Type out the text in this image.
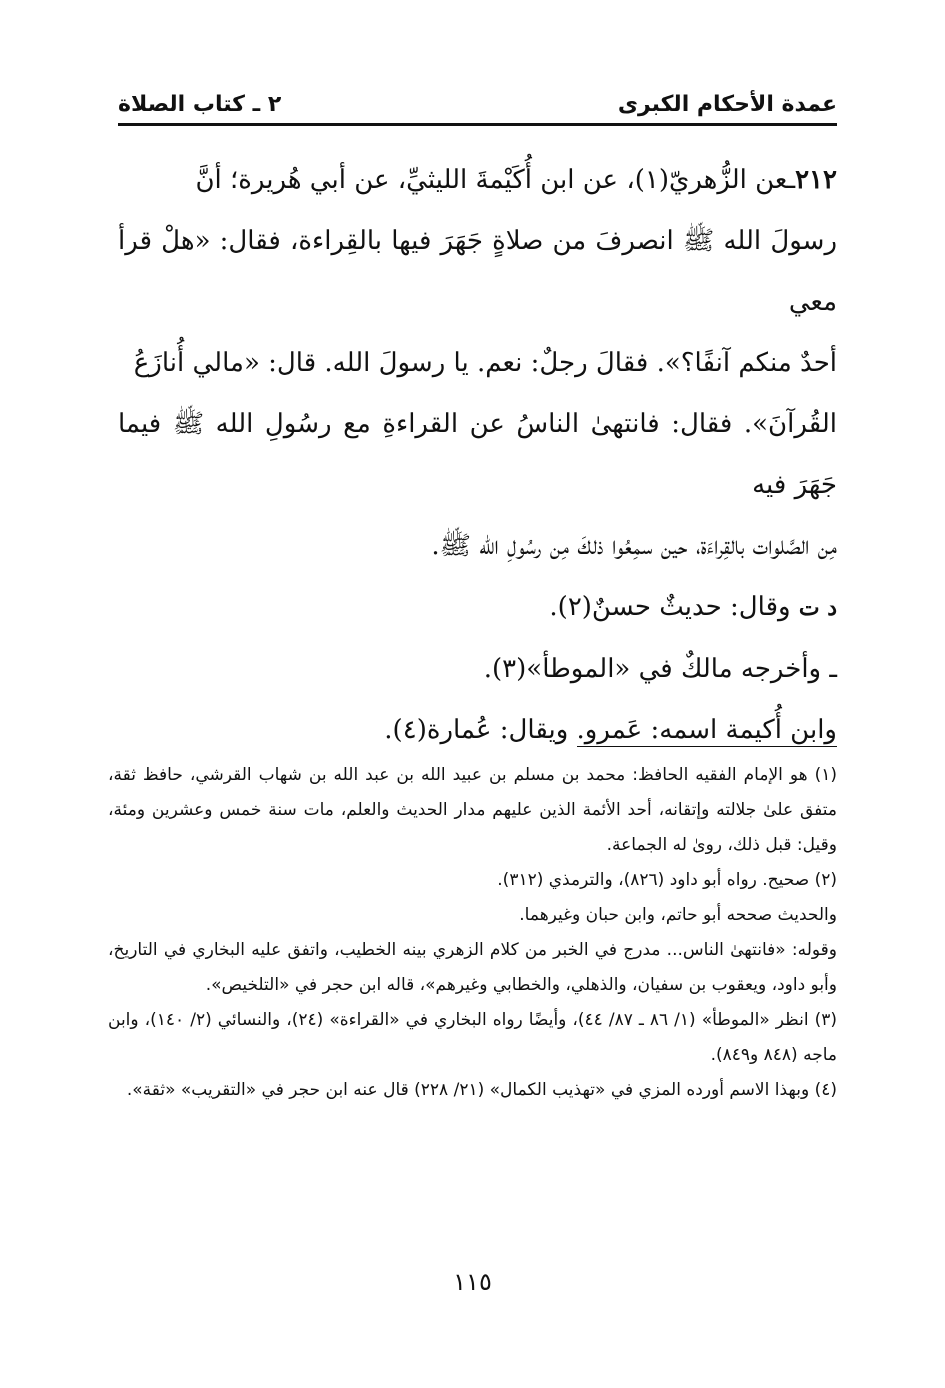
عمدة الأحكام الكبرى
٢ ـ كتاب الصلاة

٢١٢ـعن الزُّهريّ(١)، عن ابن أُكَيْمةَ الليثيِّ، عن أبي هُريرة؛ أنَّ

رسولَ الله ﷺ انصرفَ من صلاةٍ جَهَرَ فيها بالقِراءة، فقال: «هلْ قرأ معي

أحدٌ منكم آنفًا؟». فقالَ رجلٌ: نعم. يا رسولَ الله. قال: «مالي أُنازَعُ

القُرآنَ». فقال: فانتهىٰ الناسُ عن القراءةِ مع رسُولِ الله ﷺ فيما جَهَرَ فيه

مِن الصَّلوات بالقِراءَة، حين سمِعُوا ذلكَ مِن رسُولِ الله ﷺ.

د ت وقال: حديثٌ حسنٌ(٢).

ـ وأخرجه مالكٌ في «الموطأ»(٣).

وابن أُكيمة اسمه: عَمرو. ويقال: عُمارة(٤).

(١) هو الإمام الفقيه الحافظ: محمد بن مسلم بن عبيد الله بن عبد الله بن شهاب القرشي، حافظ ثقة، متفق علىٰ جلالته وإتقانه، أحد الأئمة الذين عليهم مدار الحديث والعلم، مات سنة خمس وعشرين ومئة، وقيل: قبل ذلك، روىٰ له الجماعة.

(٢) صحيح. رواه أبو داود (٨٢٦)، والترمذي (٣١٢).

والحديث صححه أبو حاتم، وابن حبان وغيرهما.

وقوله: «فانتهىٰ الناس... مدرج في الخبر من كلام الزهري بينه الخطيب، واتفق عليه البخاري في التاريخ، وأبو داود، ويعقوب بن سفيان، والذهلي، والخطابي وغيرهم»، قاله ابن حجر في «التلخيص».

(٣) انظر «الموطأ» (١/ ٨٦ ـ ٨٧/ ٤٤)، وأيضًا رواه البخاري في «القراءة» (٢٤)، والنسائي (٢/ ١٤٠)، وابن ماجه (٨٤٨ و٨٤٩).

(٤) وبهذا الاسم أورده المزي في «تهذيب الكمال» (٢١/ ٢٢٨) قال عنه ابن حجر في «التقريب» «ثقة».

١١٥
